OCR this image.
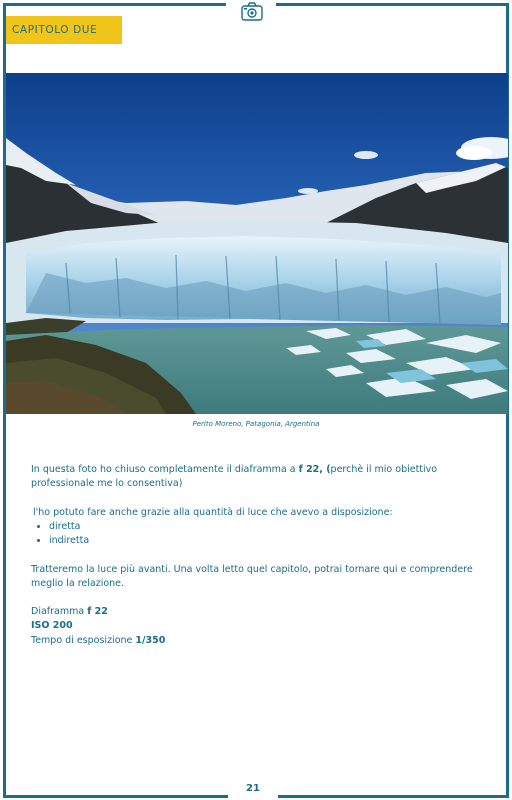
CAPITOLO DUE
Perito Moreno, Patagonia, Argentina

In questa foto ho chiuso completamente il diaframma a f 22, (perchè il mio obiettivo professionale me lo consentiva)

l'ho potuto fare anche grazie alla quantità di luce che avevo a disposizione:

• diretta
• indiretta

Tratteremo la luce più avanti. Una volta letto quel capitolo, potrai tornare qui e comprendere meglio la relazione.

Diaframma f 22
ISO 200
Tempo di esposizione 1/350
21
